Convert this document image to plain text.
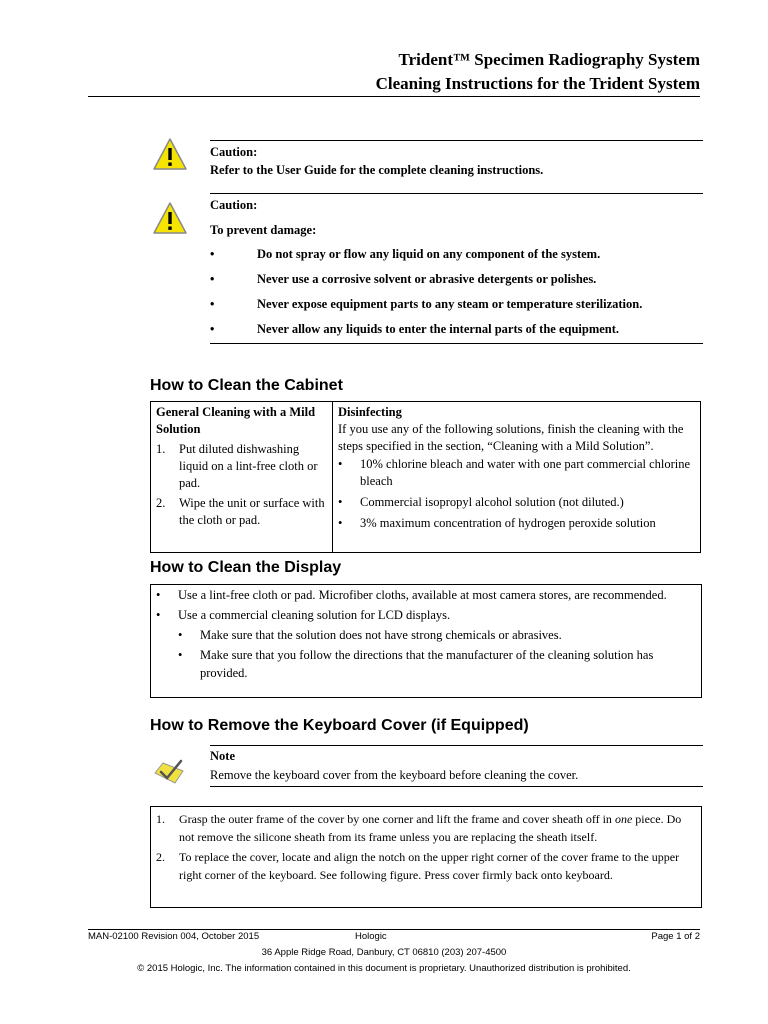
Trident™ Specimen Radiography System
Cleaning Instructions for the Trident System
Caution:
Refer to the User Guide for the complete cleaning instructions.
Caution:
To prevent damage:
•	Do not spray or flow any liquid on any component of the system.
•	Never use a corrosive solvent or abrasive detergents or polishes.
•	Never expose equipment parts to any steam or temperature sterilization.
•	Never allow any liquids to enter the internal parts of the equipment.
How to Clean the Cabinet
General Cleaning with a Mild Solution
1.	Put diluted dishwashing liquid on a lint-free cloth or pad.
2.	Wipe the unit or surface with the cloth or pad.

Disinfecting
If you use any of the following solutions, finish the cleaning with the steps specified in the section, “Cleaning with a Mild Solution”.
•	10% chlorine bleach and water with one part commercial chlorine bleach
•	Commercial isopropyl alcohol solution (not diluted.)
•	3% maximum concentration of hydrogen peroxide solution
How to Clean the Display
•	Use a lint-free cloth or pad. Microfiber cloths, available at most camera stores, are recommended.
•	Use a commercial cleaning solution for LCD displays.
•	Make sure that the solution does not have strong chemicals or abrasives.
•	Make sure that you follow the directions that the manufacturer of the cleaning solution has provided.
How to Remove the Keyboard Cover (if Equipped)
Note
Remove the keyboard cover from the keyboard before cleaning the cover.
1.	Grasp the outer frame of the cover by one corner and lift the frame and cover sheath off in one piece. Do not remove the silicone sheath from its frame unless you are replacing the sheath itself.
2.	To replace the cover, locate and align the notch on the upper right corner of the cover frame to the upper right corner of the keyboard. See following figure. Press cover firmly back onto keyboard.
MAN-02100 Revision 004, October 2015	Hologic	Page 1 of 2
36 Apple Ridge Road, Danbury, CT 06810 (203) 207-4500
© 2015 Hologic, Inc. The information contained in this document is proprietary. Unauthorized distribution is prohibited.
